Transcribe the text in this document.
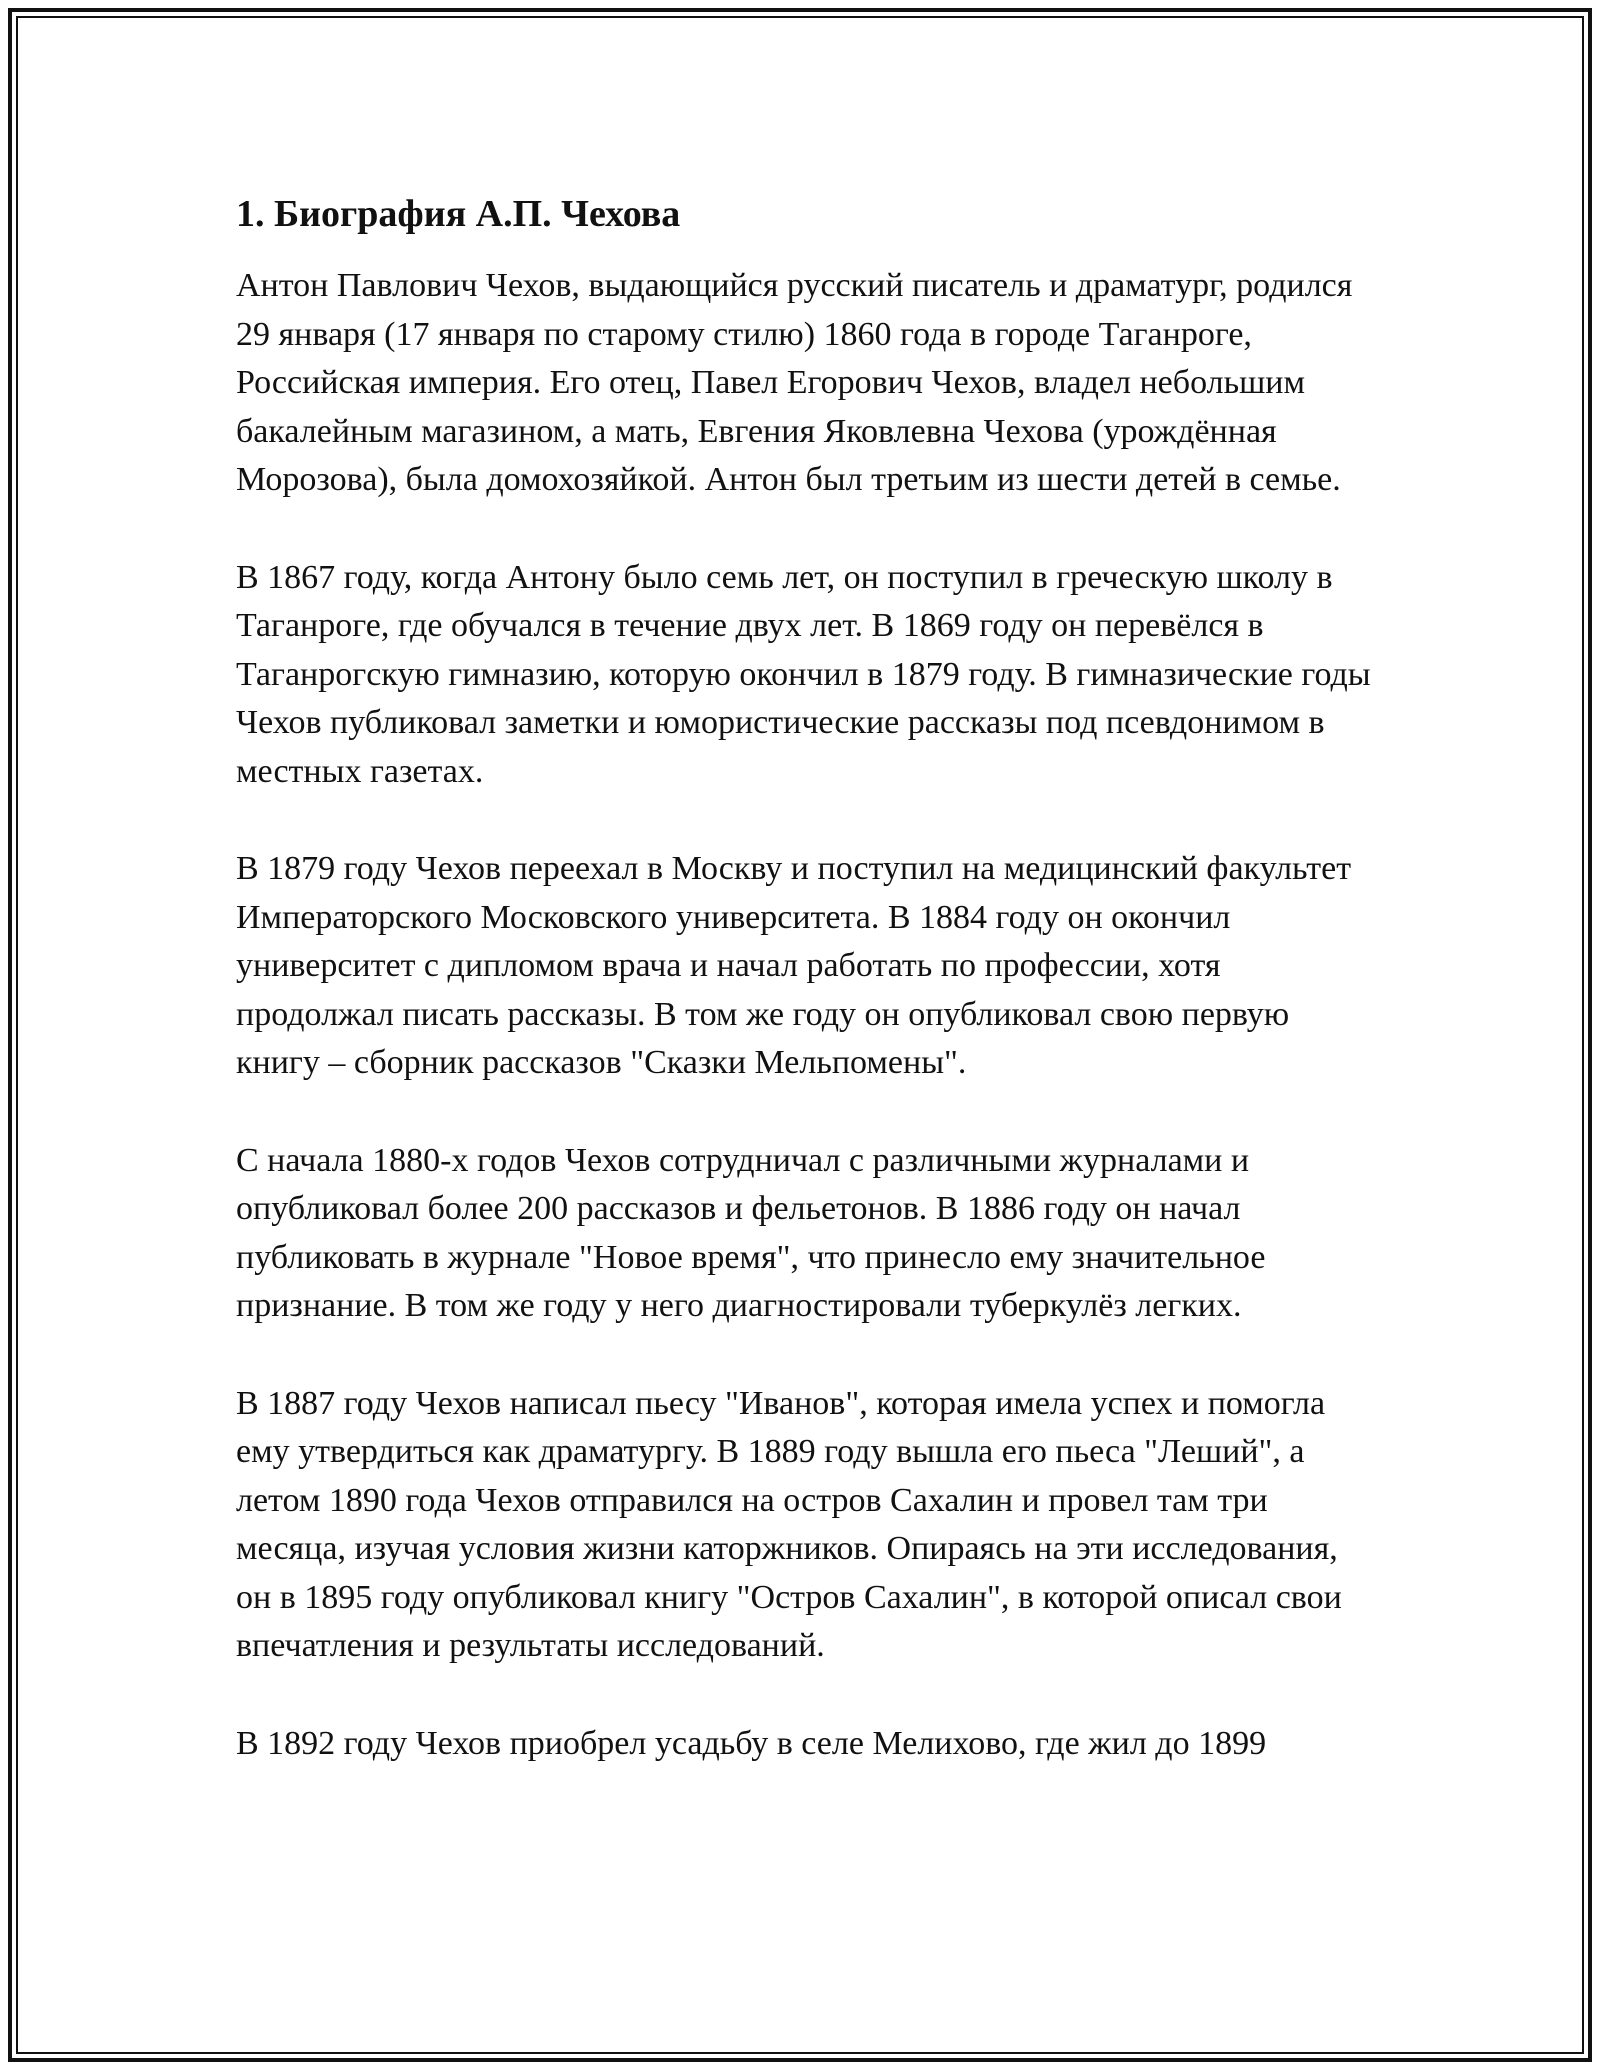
1. Биография А.П. Чехова

Антон Павлович Чехов, выдающийся русский писатель и драматург, родился 29 января (17 января по старому стилю) 1860 года в городе Таганроге, Российская империя. Его отец, Павел Егорович Чехов, владел небольшим бакалейным магазином, а мать, Евгения Яковлевна Чехова (урождённая Морозова), была домохозяйкой. Антон был третьим из шести детей в семье.

В 1867 году, когда Антону было семь лет, он поступил в греческую школу в Таганроге, где обучался в течение двух лет. В 1869 году он перевёлся в Таганрогскую гимназию, которую окончил в 1879 году. В гимназические годы Чехов публиковал заметки и юмористические рассказы под псевдонимом в местных газетах.

В 1879 году Чехов переехал в Москву и поступил на медицинский факультет Императорского Московского университета. В 1884 году он окончил университет с дипломом врача и начал работать по профессии, хотя продолжал писать рассказы. В том же году он опубликовал свою первую книгу – сборник рассказов "Сказки Мельпомены".

С начала 1880-х годов Чехов сотрудничал с различными журналами и опубликовал более 200 рассказов и фельетонов. В 1886 году он начал публиковать в журнале "Новое время", что принесло ему значительное признание. В том же году у него диагностировали туберкулёз легких.

В 1887 году Чехов написал пьесу "Иванов", которая имела успех и помогла ему утвердиться как драматургу. В 1889 году вышла его пьеса "Леший", а летом 1890 года Чехов отправился на остров Сахалин и провел там три месяца, изучая условия жизни каторжников. Опираясь на эти исследования, он в 1895 году опубликовал книгу "Остров Сахалин", в которой описал свои впечатления и результаты исследований.

В 1892 году Чехов приобрел усадьбу в селе Мелихово, где жил до 1899
